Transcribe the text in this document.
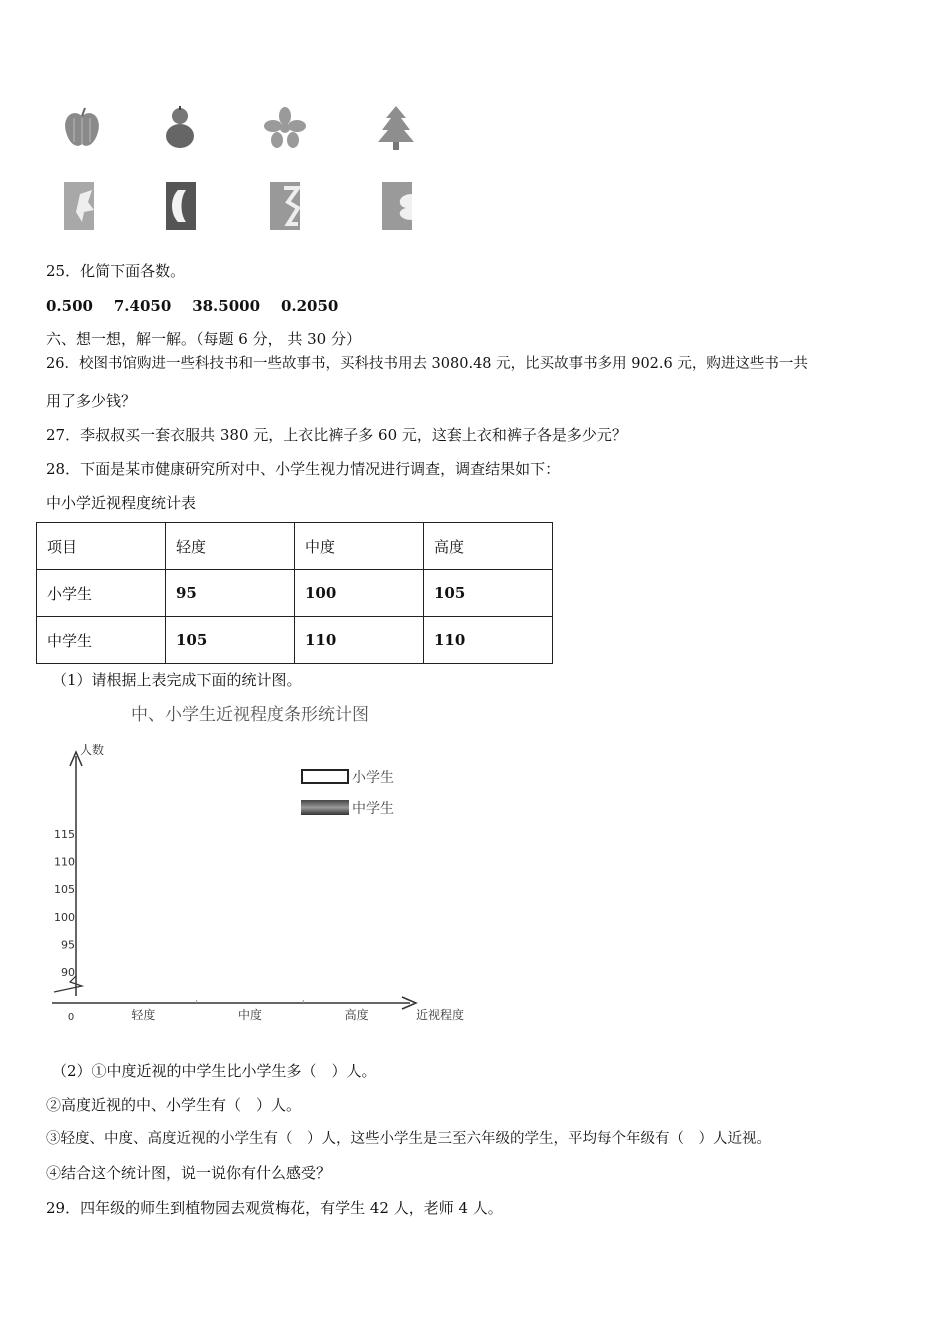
25．化简下面各数。
0.500 7.4050 38.5000 0.2050
六、想一想，解一解。（每题 6 分， 共 30 分）
26．校图书馆购进一些科技书和一些故事书，买科技书用去 3080.48 元，比买故事书多用 902.6 元，购进这些书一共
用了多少钱？
27．李叔叔买一套衣服共 380 元，上衣比裤子多 60 元，这套上衣和裤子各是多少元？
28．下面是某市健康研究所对中、小学生视力情况进行调查，调查结果如下：
中小学近视程度统计表
项目	轻度	中度	高度
小学生	95	100	105
中学生	105	110	110
（1）请根据上表完成下面的统计图。
中、小学生近视程度条形统计图
人数
近视程度
0
90
95
100
105
110
115
轻度	中度	高度
小学生
中学生
（2）①中度近视的中学生比小学生多（　）人。
②高度近视的中、小学生有（　）人。
③轻度、中度、高度近视的小学生有（　）人，这些小学生是三至六年级的学生，平均每个年级有（　）人近视。
④结合这个统计图，说一说你有什么感受？
29．四年级的师生到植物园去观赏梅花，有学生 42 人，老师 4 人。
